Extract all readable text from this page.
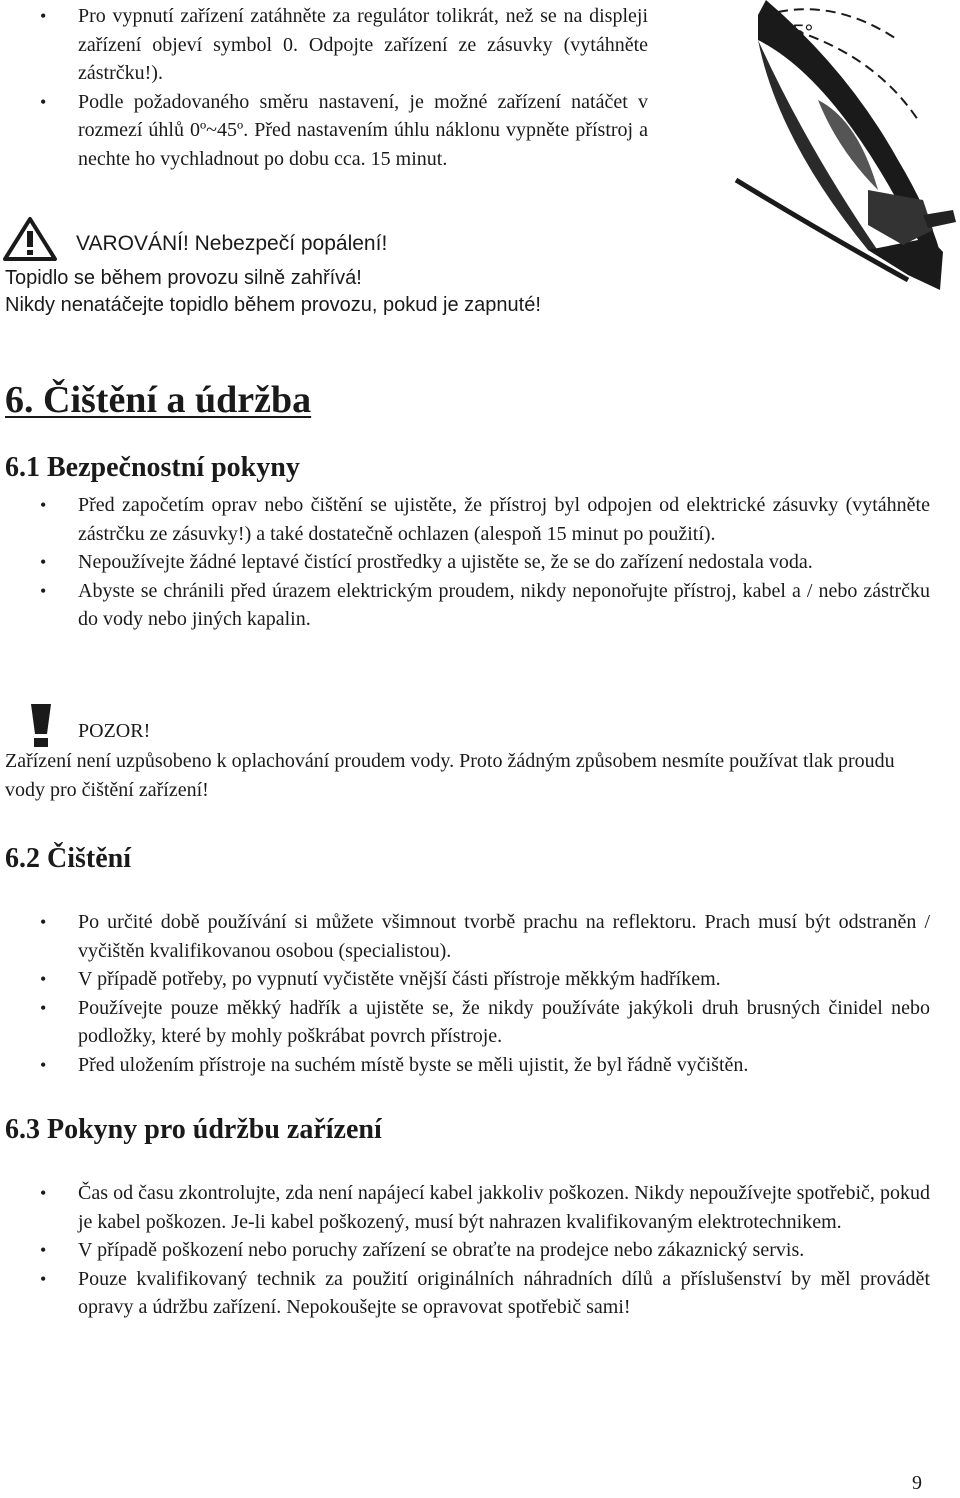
• Pro vypnutí zařízení zatáhněte za regulátor tolikrát, než se na displeji zařízení objeví symbol 0. Odpojte zařízení ze zásuvky (vytáhněte zástrčku!).
• Podle požadovaného směru nastavení, je možné zařízení natáčet v rozmezí úhlů 0º~45º. Před nastavením úhlu náklonu vypněte přístroj a nechte ho vychladnout po dobu cca. 15 minut.
45°
VAROVÁNÍ! Nebezpečí popálení!
Topidlo se během provozu silně zahřívá!
Nikdy nenatáčejte topidlo během provozu, pokud je zapnuté!
6. Čištění a údržba
6.1 Bezpečnostní pokyny
• Před započetím oprav nebo čištění se ujistěte, že přístroj byl odpojen od elektrické zásuvky (vytáhněte zástrčku ze zásuvky!) a také dostatečně ochlazen (alespoň 15 minut po použití).
• Nepoužívejte žádné leptavé čistící prostředky a ujistěte se, že se do zařízení nedostala voda.
• Abyste se chránili před úrazem elektrickým proudem, nikdy neponořujte přístroj, kabel a / nebo zástrčku do vody nebo jiných kapalin.
POZOR!
Zařízení není uzpůsobeno k oplachování proudem vody. Proto žádným způsobem nesmíte používat tlak proudu vody pro čištění zařízení!
6.2 Čištění
• Po určité době používání si můžete všimnout tvorbě prachu na reflektoru. Prach musí být odstraněn / vyčištěn kvalifikovanou osobou (specialistou).
• V případě potřeby, po vypnutí vyčistěte vnější části přístroje měkkým hadříkem.
• Používejte pouze měkký hadřík a ujistěte se, že nikdy používáte jakýkoli druh brusných činidel nebo podložky, které by mohly poškrábat povrch přístroje.
• Před uložením přístroje na suchém místě byste se měli ujistit, že byl řádně vyčištěn.
6.3 Pokyny pro údržbu zařízení
• Čas od času zkontrolujte, zda není napájecí kabel jakkoliv poškozen. Nikdy nepoužívejte spotřebič, pokud je kabel poškozen. Je-li kabel poškozený, musí být nahrazen kvalifikovaným elektrotechnikem.
• V případě poškození nebo poruchy zařízení se obraťte na prodejce nebo zákaznický servis.
• Pouze kvalifikovaný technik za použití originálních náhradních dílů a příslušenství by měl provádět opravy a údržbu zařízení. Nepokoušejte se opravovat spotřebič sami!
9
